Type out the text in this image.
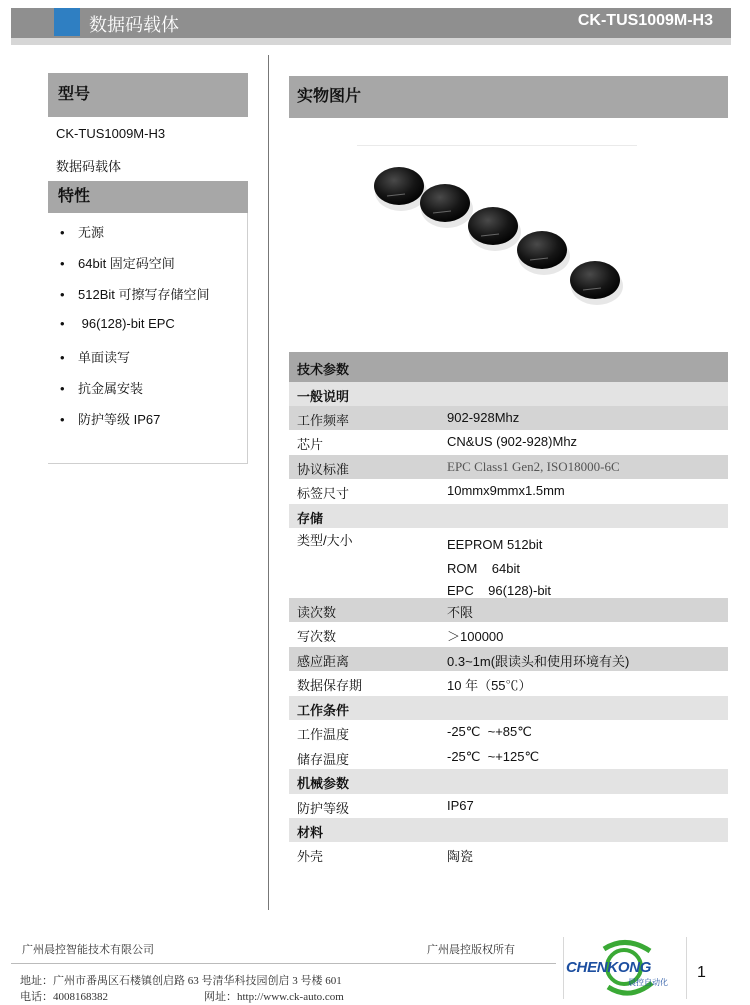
数据码载体	CK-TUS1009M-H3
型号
CK-TUS1009M-H3
数据码载体
特性
• 无源
• 64bit 固定码空间
• 512Bit 可擦写存储空间
• 96(128)-bit EPC
• 单面读写
• 抗金属安装
• 防护等级 IP67
实物图片
技术参数
一般说明
工作频率	902-928Mhz
芯片	CN&US (902-928)Mhz
协议标准	EPC Class1 Gen2, ISO18000-6C
标签尺寸	10mmx9mmx1.5mm
存储
类型/大小	EEPROM 512bit
ROM    64bit
EPC    96(128)-bit
读次数	不限
写次数	＞100000
感应距离	0.3~1m(跟读头和使用环境有关)
数据保存期	10 年（55℃）
工作条件
工作温度	-25℃  ~+85℃
储存温度	-25℃  ~+125℃
机械参数
防护等级	IP67
材料
外壳	陶瓷
广州晨控智能技术有限公司	广州晨控版权所有
地址：广州市番禺区石楼镇创启路 63 号清华科技园创启 3 号楼 601
电话：4008168382	网址：http://www.ck-auto.com
CHENKONG
晨控自动化
1
